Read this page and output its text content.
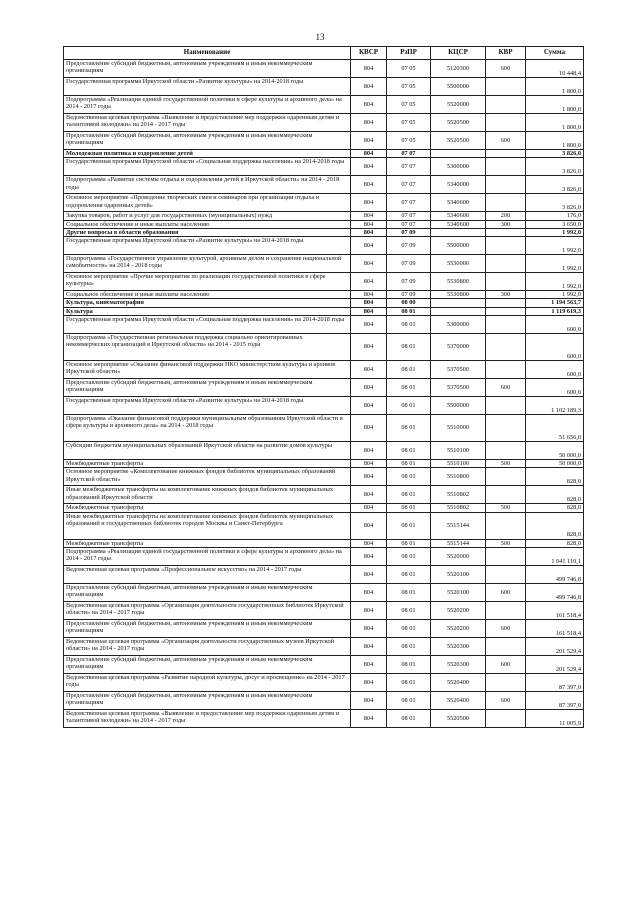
13
Наименование	КВСР	РзПР	КЦСР	КВР	Сумма
Предоставление субсидий бюджетным, автономным учреждениям и иным некоммерческим организациям	804	07 05	5120300	600	10 448,4
Государственная программа Иркутской области «Развитие культуры» на 2014-2018 годы	804	07 05	5500000		1 800,0
Подпрограмма «Реализация единой государственной политики в сфере культуры и архивного дела» на 2014 - 2017 годы	804	07 05	5520000		1 800,0
Ведомственная целевая программа «Выявление и предоставление мер поддержки одаренным детям и талантливой молодежи» на 2014 - 2017 годы	804	07 05	5520500		1 800,0
Предоставление субсидий бюджетным, автономным учреждениям и иным некоммерческим организациям	804	07 05	5520500	600	1 800,0
Молодежная политика и оздоровление детей	804	07 07			3 826,0
Государственная программа Иркутской области «Социальная поддержка населения» на 2014-2018 годы	804	07 07	5300000		3 826,0
Подпрограмма «Развитие системы отдыха и оздоровления детей в Иркутской области» на 2014 - 2018 годы	804	07 07	5340000		3 826,0
Основное мероприятие «Проведение творческих смен и семинаров при организации отдыха и оздоровления одаренных детей»	804	07 07	5340600		3 826,0
Закупка товаров, работ и услуг для государственных (муниципальных) нужд	804	07 07	5340600	200	176,0
Социальное обеспечение и иные выплаты населению	804	07 07	5340600	300	3 650,0
Другие вопросы в области образования	804	07 09			1 992,0
Государственная программа Иркутской области «Развитие культуры» на 2014-2018 годы	804	07 09	5500000		1 992,0
Подпрограмма «Государственное управление культурой, архивным делом и сохранение национальной самобытности» на 2014 - 2018 годы	804	07 09	5530000		1 992,0
Основное мероприятие «Прочие мероприятия по реализации государственной политики в сфере культуры»	804	07 09	5530800		1 992,0
Социальное обеспечение и иные выплаты населению	804	07 09	5530800	300	1 992,0
Культура, кинематография	804	08 00			1 194 563,7
Культура	804	08 01			1 119 619,3
Государственная программа Иркутской области «Социальная поддержка населения» на 2014-2018 годы	804	08 01	5300000		600,0
Подпрограмма «Государственная региональная поддержка социально ориентированных некоммерческих организаций в Иркутской области» на 2014 - 2015 годы	804	08 01	5370000		600,0
Основное мероприятие «Оказание финансовой поддержки НКО министерством культуры и архивов Иркутской области»	804	08 01	5370500		600,0
Предоставление субсидий бюджетным, автономным учреждениям и иным некоммерческим организациям	804	08 01	5370500	600	600,0
Государственная программа Иркутской области «Развитие культуры» на 2014-2018 годы	804	08 01	5500000		1 102 189,3
Подпрограмма «Оказание финансовой поддержки муниципальным образованиям Иркутской области в сфере культуры и архивного дела» на 2014 - 2018 годы	804	08 01	5510000		51 656,0
Субсидии бюджетам муниципальных образований Иркутской области на развитие домов культуры	804	08 01	5510100		50 000,0
Межбюджетные трансферты	804	08 01	5510100	500	50 000,0
Основное мероприятие «Комплектование книжных фондов библиотек муниципальных образований Иркутской области»	804	08 01	5510800		828,0
Иные межбюджетные трансферты на комплектование книжных фондов библиотек муниципальных образований Иркутской области	804	08 01	5510802		828,0
Межбюджетные трансферты	804	08 01	5510802	500	828,0
Иные межбюджетные трансферты на комплектование книжных фондов библиотек муниципальных образований и государственных библиотек городов Москвы и Санкт-Петербурга	804	08 01	5515144		828,0
Межбюджетные трансферты	804	08 01	5515144	500	828,0
Подпрограмма «Реализация единой государственной политики в сфере культуры и архивного дела» на 2014 - 2017 годы	804	08 01	5520000		1 041 110,1
Ведомственная целевая программа «Профессиональное искусство» на 2014 - 2017 годы	804	08 01	5520100		499 746,8
Предоставление субсидий бюджетным, автономным учреждениям и иным некоммерческим организациям	804	08 01	5520100	600	499 746,8
Ведомственная целевая программа «Организация деятельности государственных библиотек Иркутской области» на 2014 - 2017 годы	804	08 01	5520200		161 518,4
Предоставление субсидий бюджетным, автономным учреждениям и иным некоммерческим организациям	804	08 01	5520200	600	161 518,4
Ведомственная целевая программа «Организация деятельности государственных музеев Иркутской области» на 2014 - 2017 годы	804	08 01	5520300		201 529,4
Предоставление субсидий бюджетным, автономным учреждениям и иным некоммерческим организациям	804	08 01	5520300	600	201 529,4
Ведомственная целевая программа «Развитие народной культуры, досуг и просвещение» на 2014 - 2017 годы	804	08 01	5520400		87 397,0
Предоставление субсидий бюджетным, автономным учреждениям и иным некоммерческим организациям	804	08 01	5520400	600	87 397,0
Ведомственная целевая программа «Выявление и предоставление мер поддержки одаренным детям и талантливой молодежи» на 2014 - 2017 годы	804	08 01	5520500		11 005,9
